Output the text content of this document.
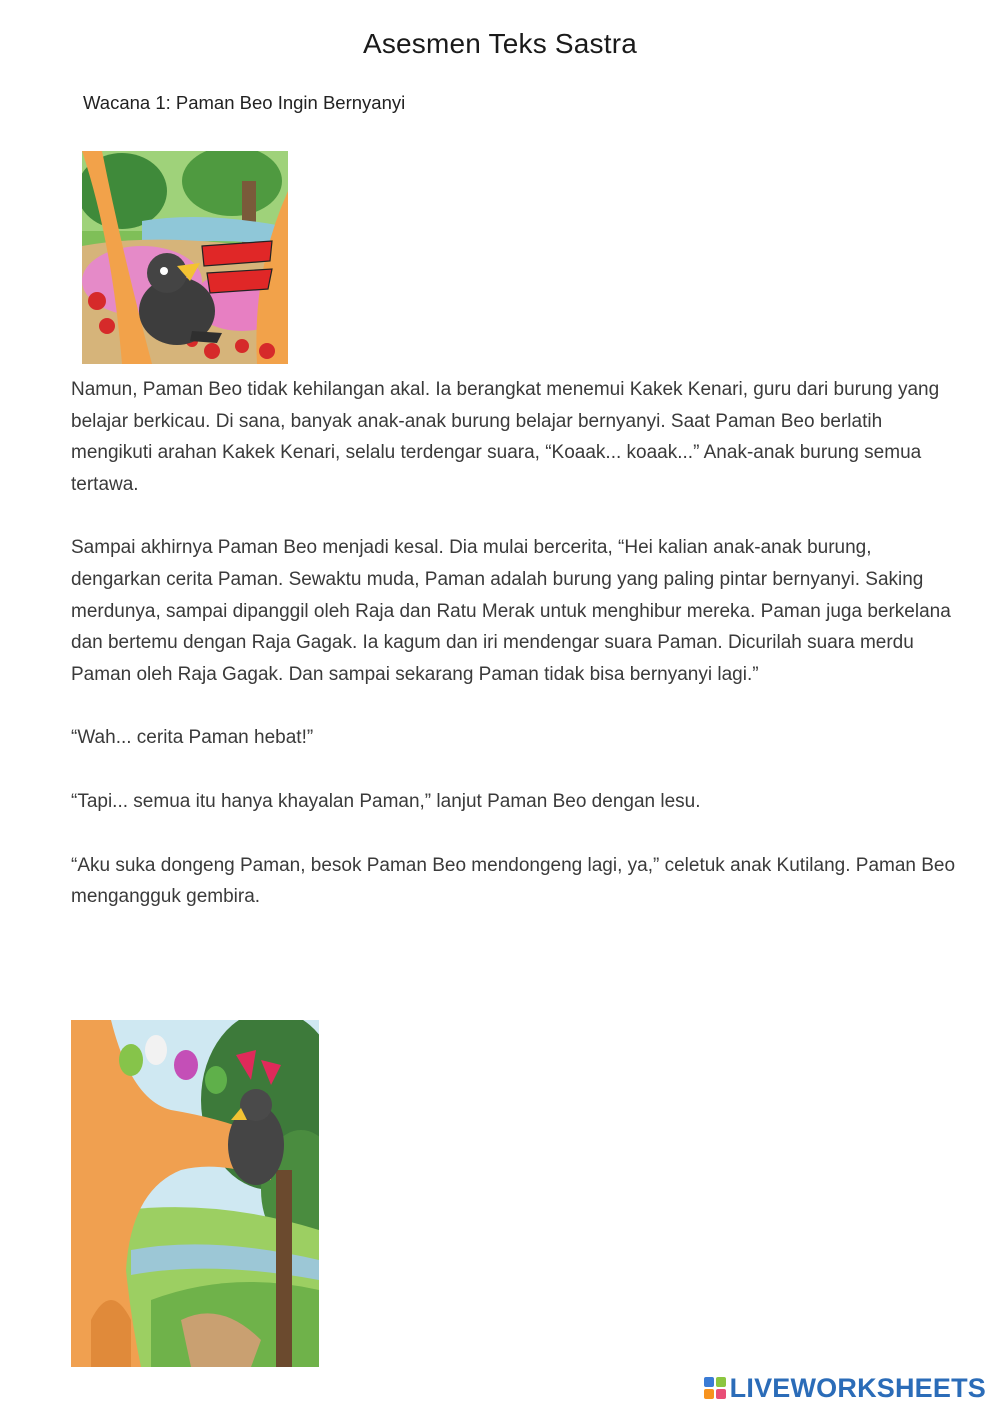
Asesmen Teks Sastra
Wacana 1: Paman Beo Ingin Bernyanyi

Namun, Paman Beo tidak kehilangan akal. Ia berangkat menemui Kakek Kenari, guru dari burung yang belajar berkicau. Di sana, banyak anak-anak burung belajar bernyanyi. Saat Paman Beo berlatih mengikuti arahan Kakek Kenari, selalu terdengar suara, “Koaak... koaak...” Anak-anak burung semua tertawa.

Sampai akhirnya Paman Beo menjadi kesal. Dia mulai bercerita, “Hei kalian anak-anak burung, dengarkan cerita Paman. Sewaktu muda, Paman adalah burung yang paling pintar bernyanyi. Saking merdunya, sampai dipanggil oleh Raja dan Ratu Merak untuk menghibur mereka. Paman juga berkelana dan bertemu dengan Raja Gagak. Ia kagum dan iri mendengar suara Paman. Dicurilah suara merdu Paman oleh Raja Gagak. Dan sampai sekarang Paman tidak bisa bernyanyi lagi.”

“Wah... cerita Paman hebat!”

“Tapi... semua itu hanya khayalan Paman,” lanjut Paman Beo dengan lesu.

“Aku suka dongeng Paman, besok Paman Beo mendongeng lagi, ya,” celetuk anak Kutilang. Paman Beo mengangguk gembira.

LIVEWORKSHEETS
